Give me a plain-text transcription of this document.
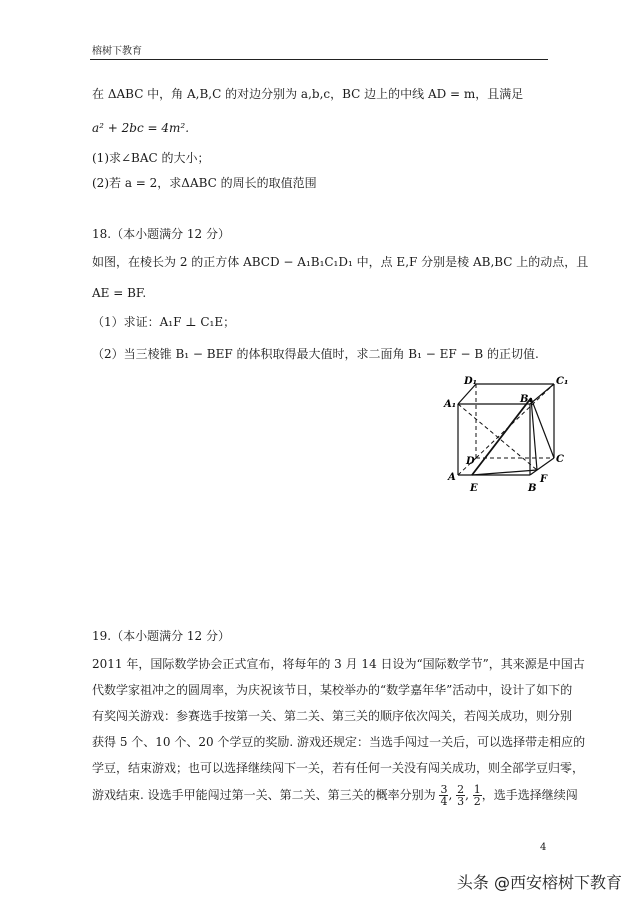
榕树下教育
在 ΔABC 中，角 A,B,C 的对边分别为 a,b,c，BC 边上的中线 AD = m，且满足
a² + 2bc = 4m².
(1)求∠BAC 的大小；
(2)若 a = 2，求ΔABC 的周长的取值范围
18.（本小题满分 12 分）
如图，在棱长为 2 的正方体 ABCD − A₁B₁C₁D₁ 中，点 E,F 分别是棱 AB,BC 上的动点，且
AE = BF.
（1）求证：A₁F ⊥ C₁E；
（2）当三棱锥 B₁ − BEF 的体积取得最大值时，求二面角 B₁ − EF − B 的正切值.
D₁	C₁
A₁	B₁
D	C
A
E	B
F
19.（本小题满分 12 分）
2011 年，国际数学协会正式宣布，将每年的 3 月 14 日设为“国际数学节”，其来源是中国古
代数学家祖冲之的圆周率，为庆祝该节日，某校举办的“数学嘉年华”活动中，设计了如下的
有奖闯关游戏：参赛选手按第一关、第二关、第三关的顺序依次闯关，若闯关成功，则分别
获得 5 个、10 个、20 个学豆的奖励. 游戏还规定：当选手闯过一关后，可以选择带走相应的
学豆，结束游戏；也可以选择继续闯下一关，若有任何一关没有闯关成功，则全部学豆归零，
游戏结束. 设选手甲能闯过第一关、第二关、第三关的概率分别为 $\frac{3}{4}$ , $\frac{2}{3}$ , $\frac{1}{2}$ ，选手选择继续闯
4
头条 @西安榕树下教育
